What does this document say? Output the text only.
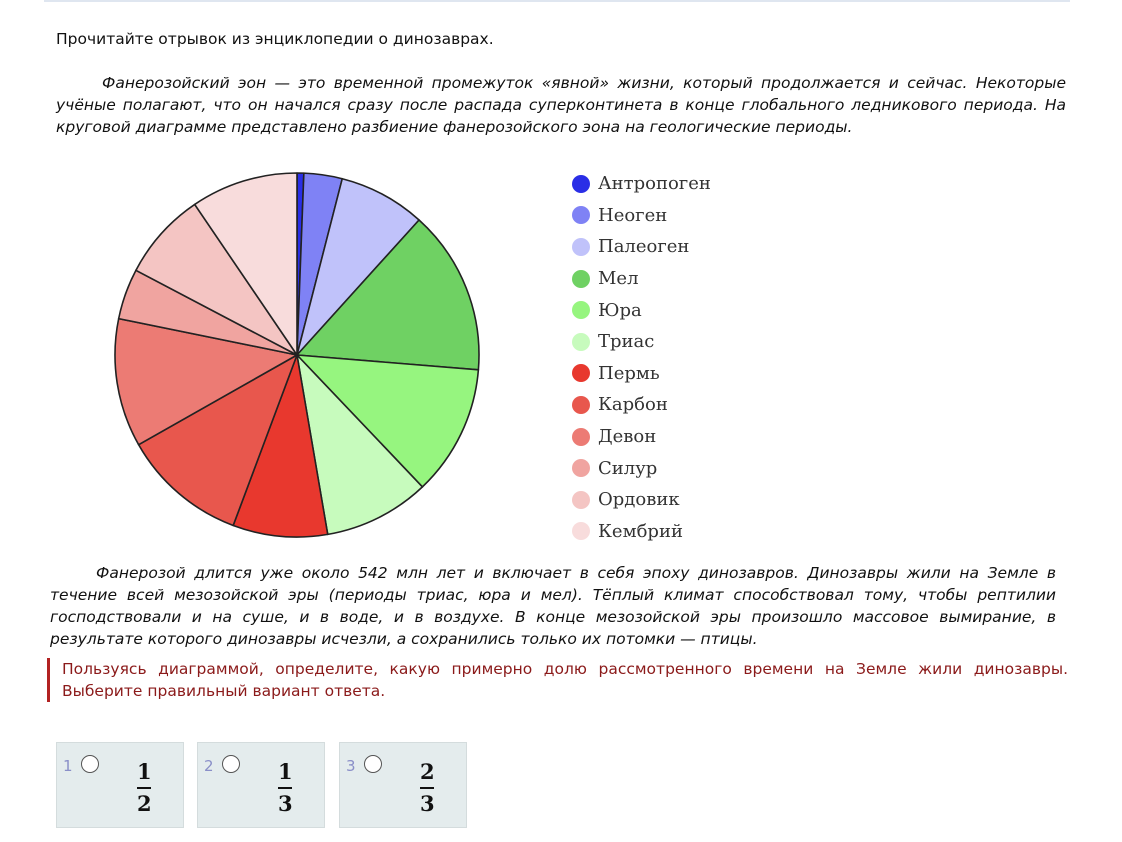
Прочитайте отрывок из энциклопедии о динозаврах.
Фанерозойский эон — это временной промежуток «явной» жизни, который продолжается и сейчас. Некоторые учёные полагают, что он начался сразу после распада суперконтинета в конце глобального ледникового периода. На круговой диаграмме представлено разбиение фанерозойского эона на геологические периоды.
Антропоген
Неоген
Палеоген
Мел
Юра
Триас
Пермь
Карбон
Девон
Силур
Ордовик
Кембрий
Фанерозой длится уже около 542 млн лет и включает в себя эпоху динозавров. Динозавры жили на Земле в течение всей мезозойской эры (периоды триас, юра и мел). Тёплый климат способствовал тому, чтобы рептилии господствовали и на суше, и в воде, и в воздухе. В конце мезозойской эры произошло массовое вымирание, в результате которого динозавры исчезли, а сохранились только их потомки — птицы.
Пользуясь диаграммой, определите, какую примерно долю рассмотренного времени на Земле жили динозавры. Выберите правильный вариант ответа.
1	1
2
2	1
3
3	2
3
